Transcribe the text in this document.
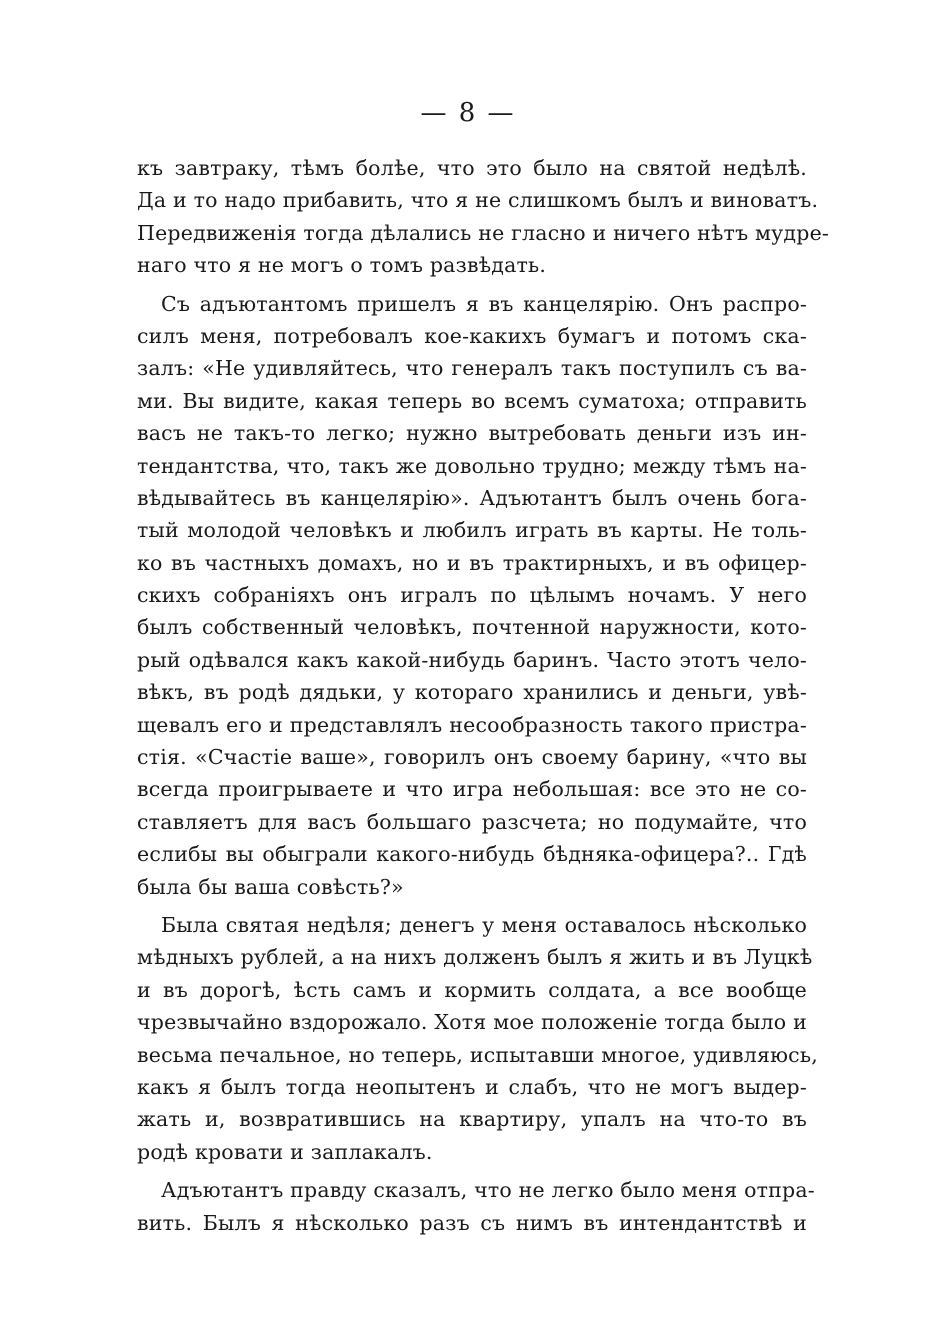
— 8 —
къ завтраку, тѣмъ болѣе, что это было на святой недѣлѣ.
Да и то надо прибавить, что я не слишкомъ былъ и виноватъ.
Передвиженія тогда дѣлались не гласно и ничего нѣтъ мудре-
наго что я не могъ о томъ развѣдать.
Съ адъютантомъ пришелъ я въ канцелярію. Онъ распро-
силъ меня, потребовалъ кое-какихъ бумагъ и потомъ ска-
залъ: «Не удивляйтесь, что генералъ такъ поступилъ съ ва-
ми. Вы видите, какая теперь во всемъ суматоха; отправить
васъ не такъ-то легко; нужно вытребовать деньги изъ ин-
тендантства, что, такъ же довольно трудно; между тѣмъ на-
вѣдывайтесь въ канцелярію». Адъютантъ былъ очень бога-
тый молодой человѣкъ и любилъ играть въ карты. Не толь-
ко въ частныхъ домахъ, но и въ трактирныхъ, и въ офицер-
скихъ собраніяхъ онъ игралъ по цѣлымъ ночамъ. У него
былъ собственный человѣкъ, почтенной наружности, кото-
рый одѣвался какъ какой-нибудь баринъ. Часто этотъ чело-
вѣкъ, въ родѣ дядьки, у котораго хранились и деньги, увѣ-
щевалъ его и представлялъ несообразность такого пристра-
стія. «Счастіе ваше», говорилъ онъ своему барину, «что вы
всегда проигрываете и что игра небольшая: все это не со-
ставляетъ для васъ большаго разсчета; но подумайте, что
еслибы вы обыграли какого-нибудь бѣдняка-офицера?.. Гдѣ
была бы ваша совѣсть?»
Была святая недѣля; денегъ у меня оставалось нѣсколько
мѣдныхъ рублей, а на нихъ долженъ былъ я жить и въ Луцкѣ
и въ дорогѣ, ѣсть самъ и кормить солдата, а все вообще
чрезвычайно вздорожало. Хотя мое положеніе тогда было и
весьма печальное, но теперь, испытавши многое, удивляюсь,
какъ я былъ тогда неопытенъ и слабъ, что не могъ выдер-
жать и, возвратившись на квартиру, упалъ на что-то въ
родѣ кровати и заплакалъ.
Адъютантъ правду сказалъ, что не легко было меня отпра-
вить. Былъ я нѣсколько разъ съ нимъ въ интендантствѣ и
